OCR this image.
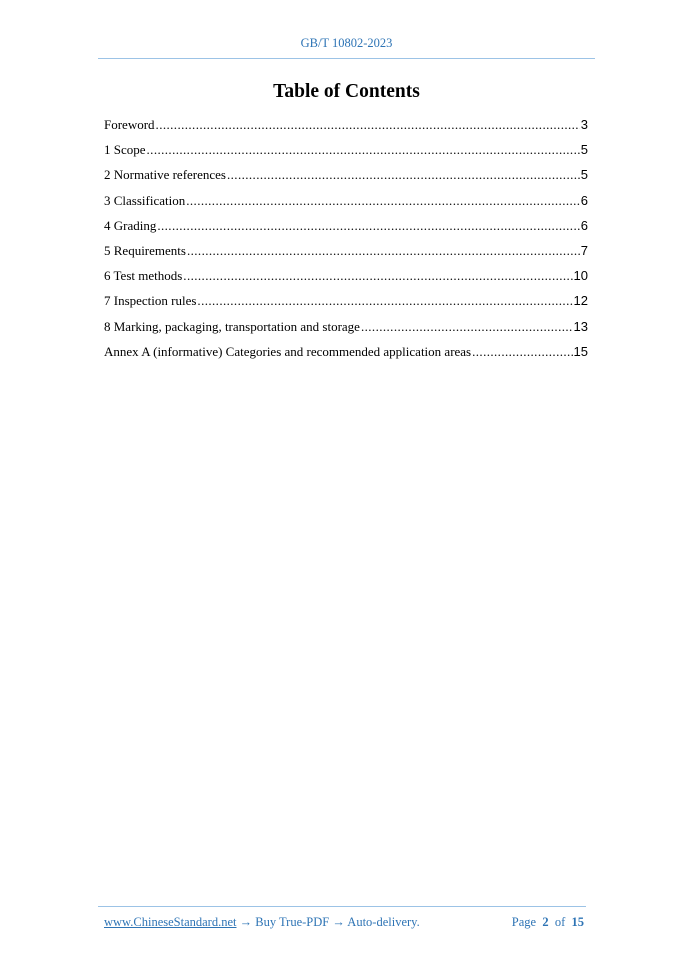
GB/T 10802-2023
Table of Contents
Foreword .....	3
1 Scope .....	5
2 Normative references .....	5
3 Classification .....	6
4 Grading .....	6
5 Requirements .....	7
6 Test methods .....	10
7 Inspection rules .....	12
8 Marking, packaging, transportation and storage .....	13
Annex A (informative) Categories and recommended application areas .....	15
www.ChineseStandard.net → Buy True-PDF → Auto-delivery.	Page 2 of 15
